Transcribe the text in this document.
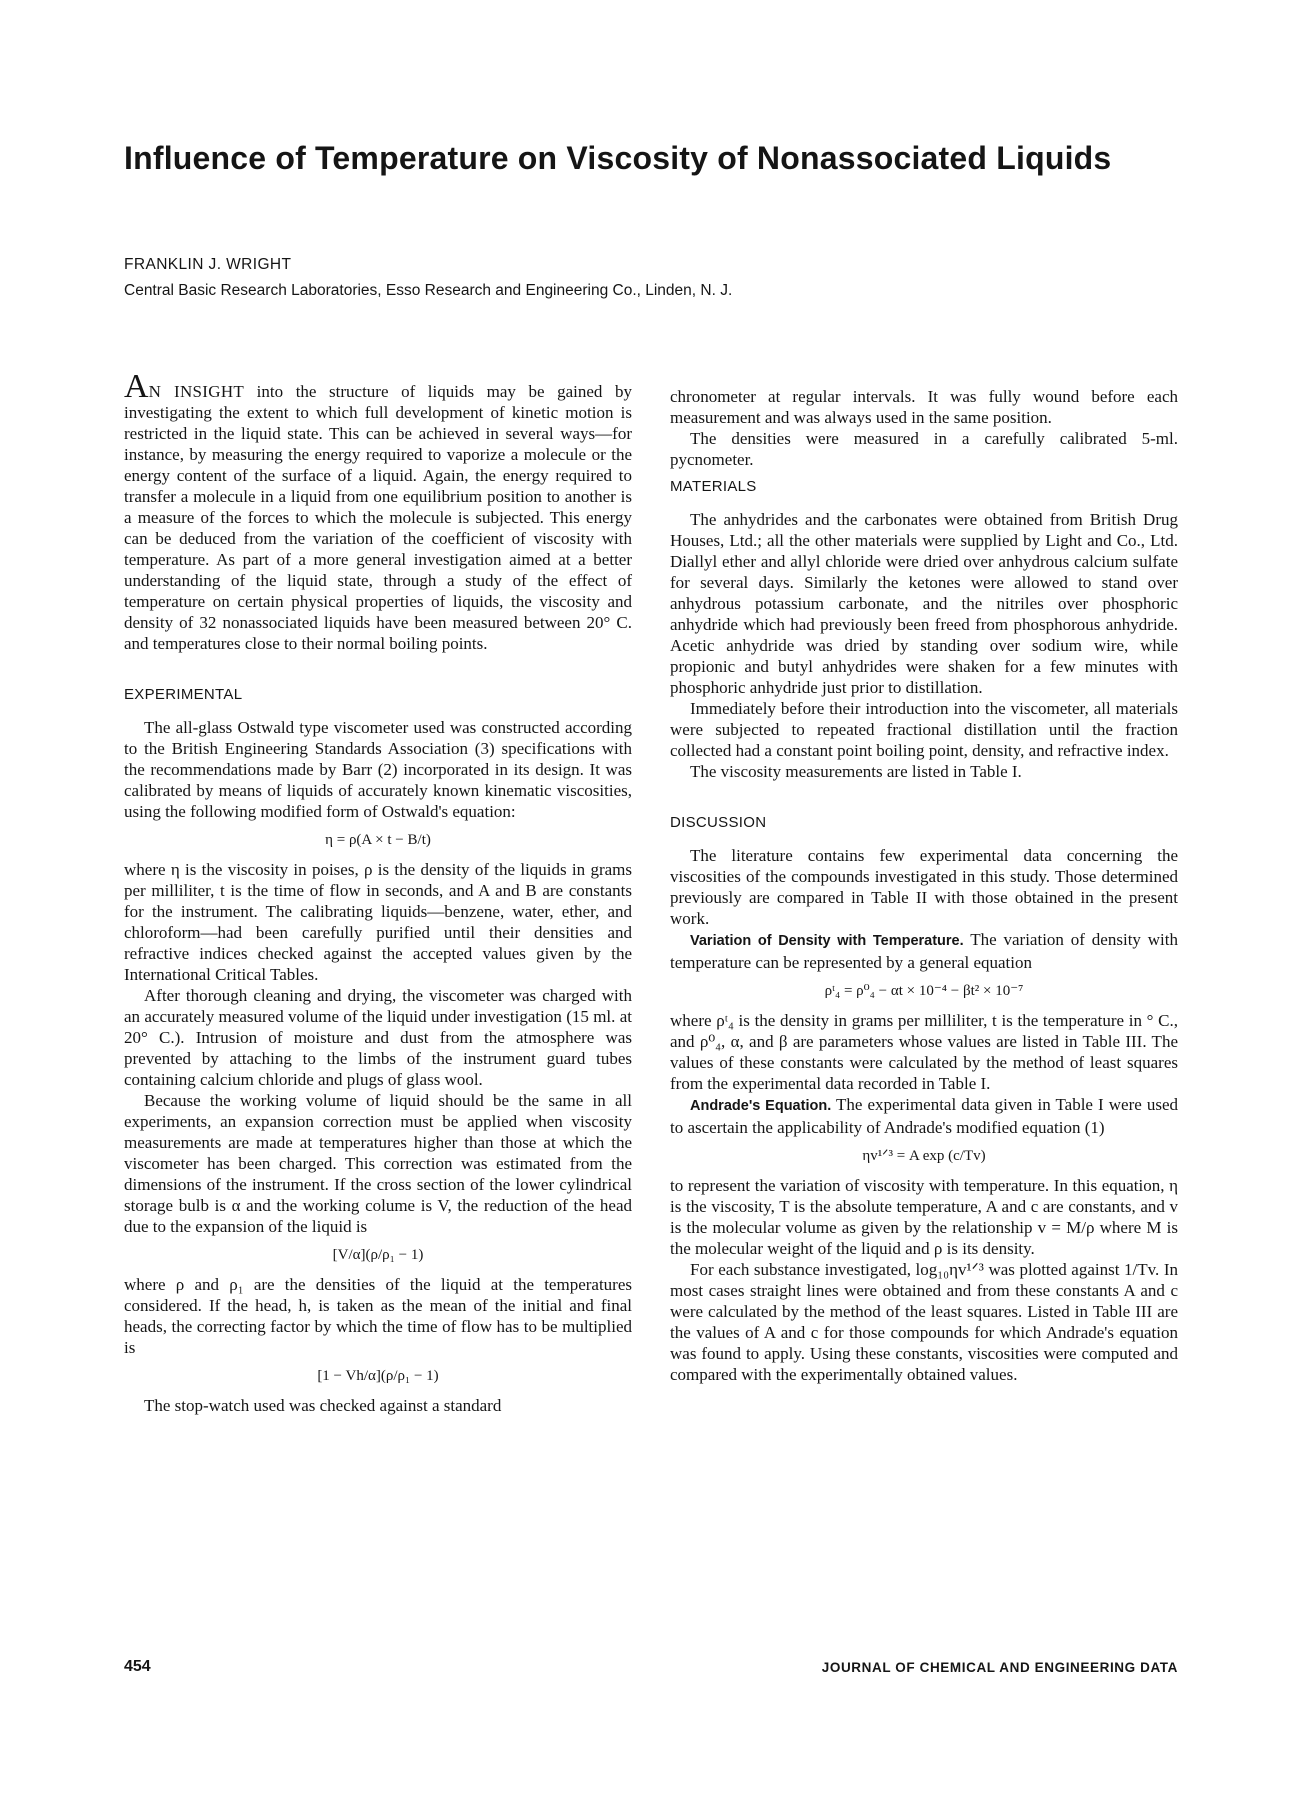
Influence of Temperature on Viscosity of Nonassociated Liquids
FRANKLIN J. WRIGHT
Central Basic Research Laboratories, Esso Research and Engineering Co., Linden, N. J.

AN INSIGHT into the structure of liquids may be gained by investigating the extent to which full development of kinetic motion is restricted in the liquid state. This can be achieved in several ways—for instance, by measuring the energy required to vaporize a molecule or the energy content of the surface of a liquid. Again, the energy required to transfer a molecule in a liquid from one equilibrium position to another is a measure of the forces to which the molecule is subjected. This energy can be deduced from the variation of the coefficient of viscosity with temperature. As part of a more general investigation aimed at a better understanding of the liquid state, through a study of the effect of temperature on certain physical properties of liquids, the viscosity and density of 32 nonassociated liquids have been measured between 20° C. and temperatures close to their normal boiling points.

EXPERIMENTAL

The all-glass Ostwald type viscometer used was constructed according to the British Engineering Standards Association (3) specifications with the recommendations made by Barr (2) incorporated in its design. It was calibrated by means of liquids of accurately known kinematic viscosities, using the following modified form of Ostwald's equation:

η = ρ(A × t − B/t)

where η is the viscosity in poises, ρ is the density of the liquids in grams per milliliter, t is the time of flow in seconds, and A and B are constants for the instrument. The calibrating liquids—benzene, water, ether, and chloroform—had been carefully purified until their densities and refractive indices checked against the accepted values given by the International Critical Tables.

After thorough cleaning and drying, the viscometer was charged with an accurately measured volume of the liquid under investigation (15 ml. at 20° C.). Intrusion of moisture and dust from the atmosphere was prevented by attaching to the limbs of the instrument guard tubes containing calcium chloride and plugs of glass wool.

Because the working volume of liquid should be the same in all experiments, an expansion correction must be applied when viscosity measurements are made at temperatures higher than those at which the viscometer has been charged. This correction was estimated from the dimensions of the instrument. If the cross section of the lower cylindrical storage bulb is α and the working colume is V, the reduction of the head due to the expansion of the liquid is

[V/α](ρ/ρ₁ − 1)

where ρ and ρ₁ are the densities of the liquid at the temperatures considered. If the head, h, is taken as the mean of the initial and final heads, the correcting factor by which the time of flow has to be multiplied is

[1 − Vh/α](ρ/ρ₁ − 1)

The stop-watch used was checked against a standard

chronometer at regular intervals. It was fully wound before each measurement and was always used in the same position.

The densities were measured in a carefully calibrated 5-ml. pycnometer.

MATERIALS

The anhydrides and the carbonates were obtained from British Drug Houses, Ltd.; all the other materials were supplied by Light and Co., Ltd. Diallyl ether and allyl chloride were dried over anhydrous calcium sulfate for several days. Similarly the ketones were allowed to stand over anhydrous potassium carbonate, and the nitriles over phosphoric anhydride which had previously been freed from phosphorous anhydride. Acetic anhydride was dried by standing over sodium wire, while propionic and butyl anhydrides were shaken for a few minutes with phosphoric anhydride just prior to distillation.

Immediately before their introduction into the viscometer, all materials were subjected to repeated fractional distillation until the fraction collected had a constant point boiling point, density, and refractive index.

The viscosity measurements are listed in Table I.

DISCUSSION

The literature contains few experimental data concerning the viscosities of the compounds investigated in this study. Those determined previously are compared in Table II with those obtained in the present work.

Variation of Density with Temperature. The variation of density with temperature can be represented by a general equation

ρᵗ₄ = ρ⁰₄ − αt × 10⁻⁴ − βt² × 10⁻⁷

where ρᵗ₄ is the density in grams per milliliter, t is the temperature in ° C., and ρ⁰₄, α, and β are parameters whose values are listed in Table III. The values of these constants were calculated by the method of least squares from the experimental data recorded in Table I.

Andrade's Equation. The experimental data given in Table I were used to ascertain the applicability of Andrade's modified equation (1)

ηv¹ᐟ³ = A exp (c/Tv)

to represent the variation of viscosity with temperature. In this equation, η is the viscosity, T is the absolute temperature, A and c are constants, and v is the molecular volume as given by the relationship v = M/ρ where M is the molecular weight of the liquid and ρ is its density.

For each substance investigated, log₁₀ηv¹ᐟ³ was plotted against 1/Tv. In most cases straight lines were obtained and from these constants A and c were calculated by the method of the least squares. Listed in Table III are the values of A and c for those compounds for which Andrade's equation was found to apply. Using these constants, viscosities were computed and compared with the experimentally obtained values.

454	JOURNAL OF CHEMICAL AND ENGINEERING DATA
